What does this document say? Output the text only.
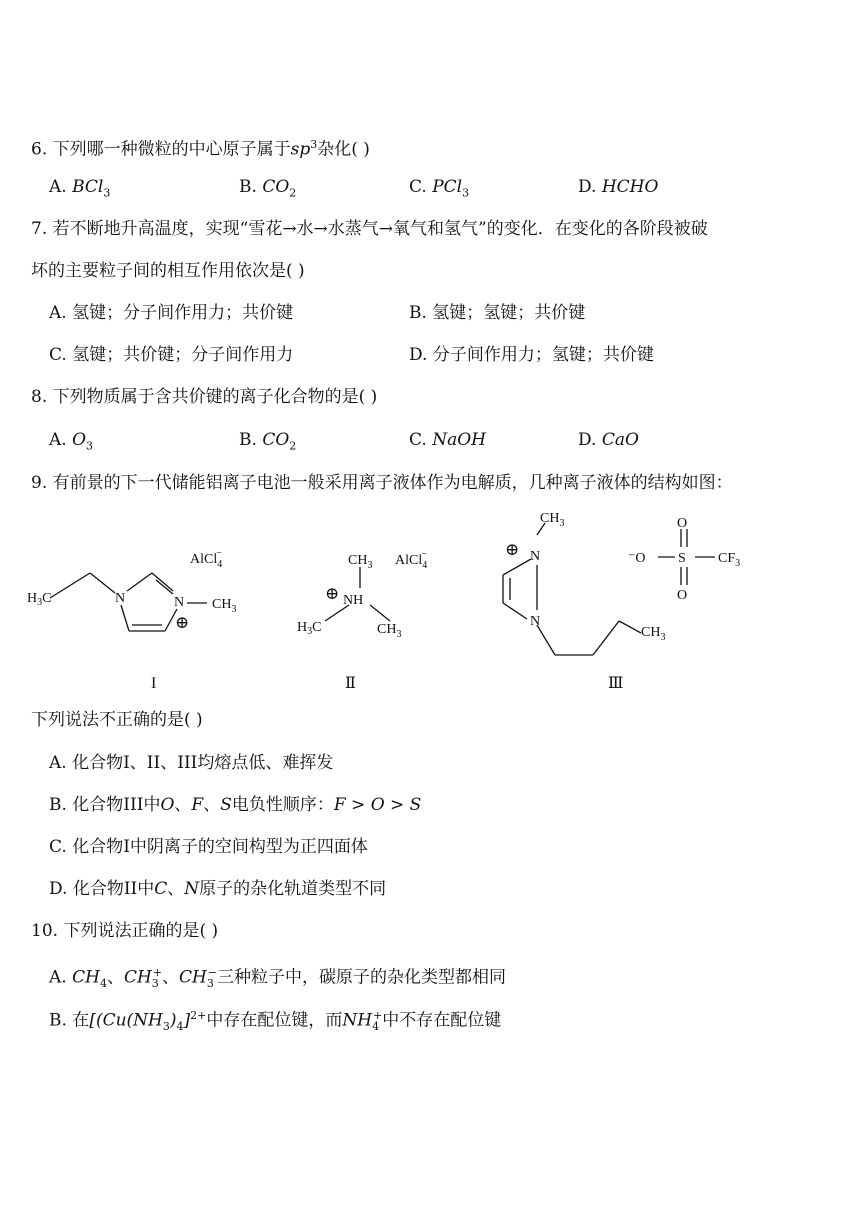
6. 下列哪一种微粒的中心原子属于$sp^3$杂化( )
A. BCl$_3$	B. $CO_2$	C. PCl$_3$	D. HCHO
7. 若不断地升高温度，实现“雪花→水→水蒸气→氧气和氢气”的变化．在变化的各阶段被破
坏的主要粒子间的相互作用依次是( )
A. 氢键；分子间作用力；共价键	B. 氢键；氢键；共价键
C. 氢键；共价键；分子间作用力	D. 分子间作用力；氢键；共价键
8. 下列物质属于含共价键的离子化合物的是( )
A. $O_3$	B. $CO_2$	C. NaOH	D. CaO
9. 有前景的下一代储能铝离子电池一般采用离子液体作为电解质，几种离子液体的结构如图：
AlCl$_4$−
$H_3C$	N	N $CH_3$
⊕
I
$CH_3$ AlCl$_4$−
⊕ NH
$H_3C$	$CH_3$
Ⅱ
$CH_3$
⊕ N
N
$CH_3$
Ⅲ
O
⁻O S $CF_3$
O
下列说法不正确的是( )
A. 化合物I、II、III均熔点低、难挥发
B. 化合物III中O、F、S电负性顺序：F > O > S
C. 化合物I中阴离子的空间构型为正四面体
D. 化合物II中C、N原子的杂化轨道类型不同
10. 下列说法正确的是( )
A. $CH_4$、$CH_3^+$、$CH_3^-$三种粒子中，碳原子的杂化类型都相同
B. 在[$(Cu(NH_3)_4]^{2+}$中存在配位键，而$NH_4^+$中不存在配位键
